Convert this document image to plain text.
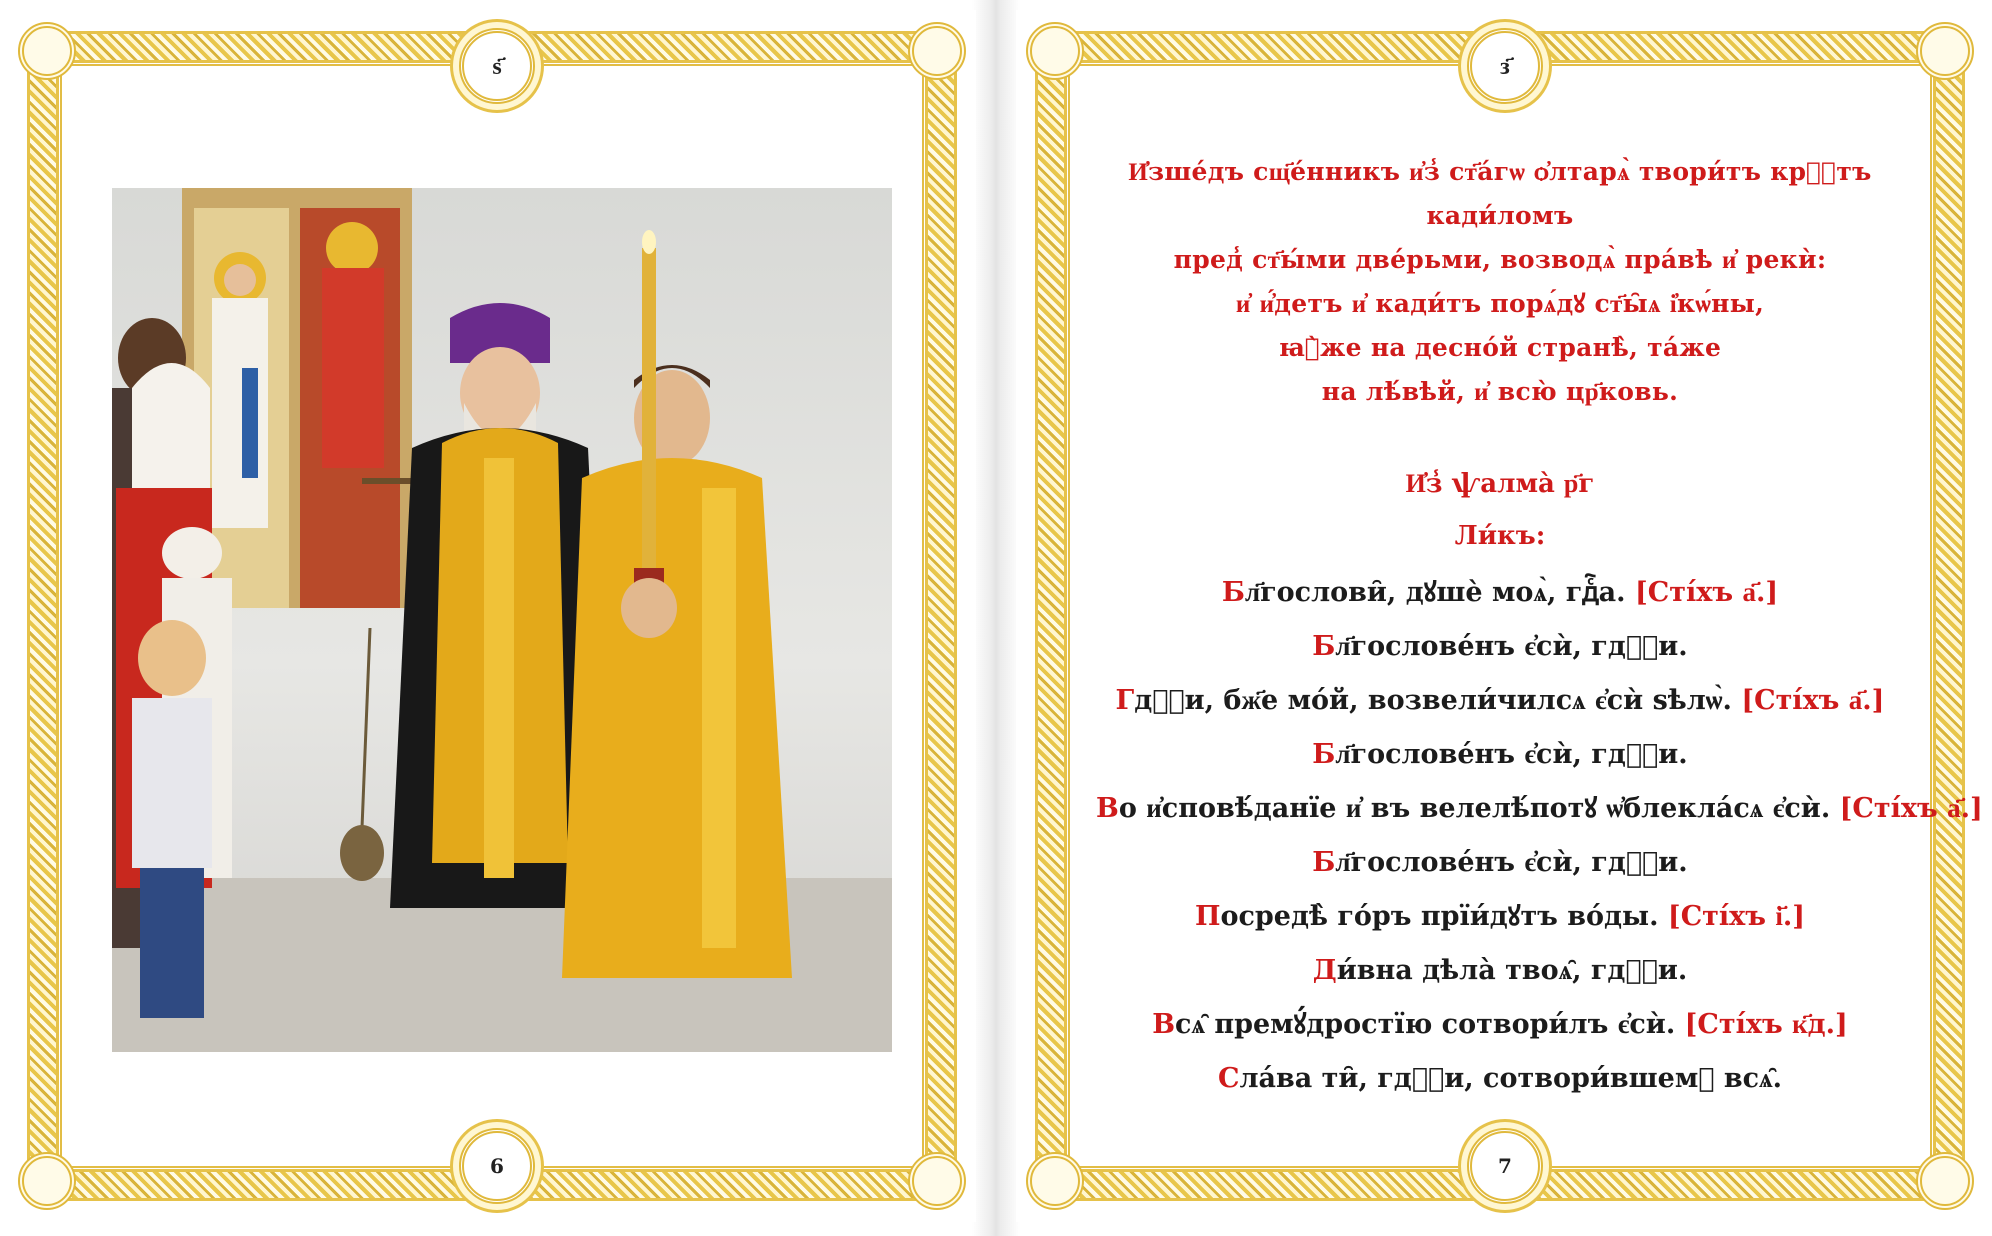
ѕ҃
6
з҃
7
И҆зше́дъ сщ҃е́нникъ и҆з̾ ст҃а́гѡ ѻ҆лтарѧ̀ твори́тъ крⷮ҇тъ кади́ломъ
пред̾ ст҃ы́ми две́рьми, возводѧ̀ пра́вѣ и҆ рекѝ:
и҆ и҆́детъ и҆ кади́тъ порѧ́дꙋ ст҃ы̑ѧ і҆кѡ́ны,
ꙗ҆̀же на десно́й странѣ̀, та́же
на лѣ́вѣй, и҆ всю̀ цр҃ковь.
И҆з̾ ѱалма̀ р҃г
Ли́къ:
Бл҃гослови̑, дꙋшѐ моѧ̀, гдⷭ҇а. [Сті́хъ а҃.]
Бл҃гослове́нъ є҆сѝ, гдⷭ҇и.
Гдⷭ҇и, бж҃е мо́й, возвели́чилсѧ є҆сѝ ѕѣлѡ̀. [Сті́хъ а҃.]
Бл҃гослове́нъ є҆сѝ, гдⷭ҇и.
Во и҆сповѣ́данїе и҆ въ велелѣ́потꙋ ѡ҆блекла́сѧ є҆сѝ. [Сті́хъ а҃.]
Бл҃гослове́нъ є҆сѝ, гдⷭ҇и.
Посредѣ̀ го́ръ прїи́дꙋтъ во́ды. [Сті́хъ і҃.]
Ди́вна дѣла̀ твоѧ̑, гдⷭ҇и.
Всѧ̑ премꙋ́дростїю сотвори́лъ є҆сѝ. [Сті́хъ к҃д.]
Сла́ва ти̑, гдⷭ҇и, сотвори́вшемꙋ всѧ̑.
